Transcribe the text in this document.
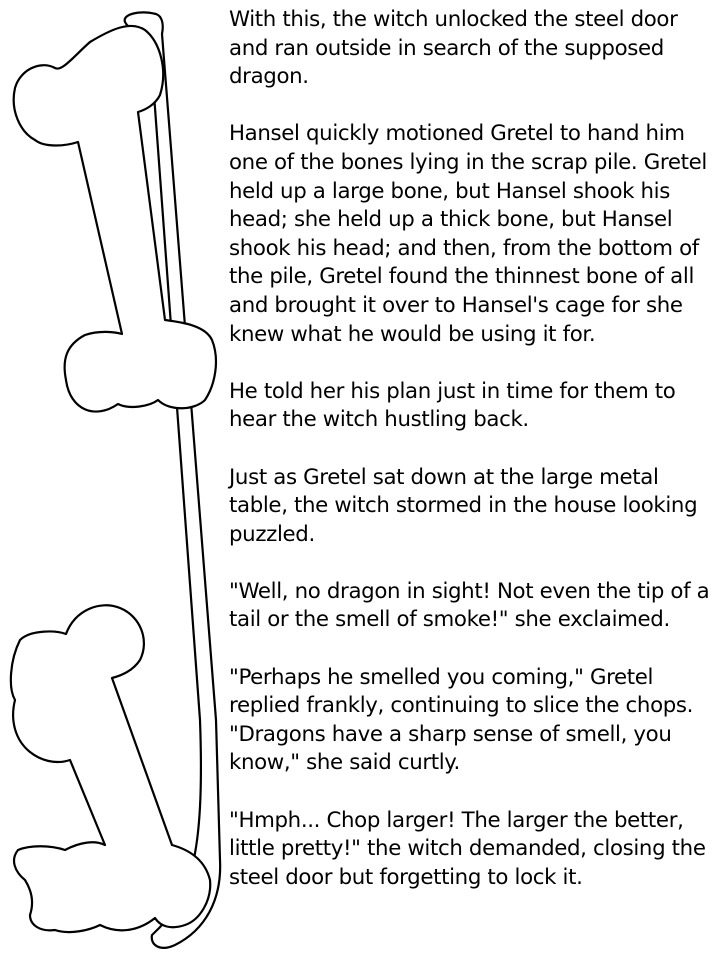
With this, the witch unlocked the steel door and ran outside in search of the supposed dragon.

Hansel quickly motioned Gretel to hand him one of the bones lying in the scrap pile. Gretel held up a large bone, but Hansel shook his head; she held up a thick bone, but Hansel shook his head; and then, from the bottom of the pile, Gretel found the thinnest bone of all and brought it over to Hansel's cage for she knew what he would be using it for.

He told her his plan just in time for them to hear the witch hustling back.

Just as Gretel sat down at the large metal table, the witch stormed in the house looking puzzled.

"Well, no dragon in sight! Not even the tip of a tail or the smell of smoke!" she exclaimed.

"Perhaps he smelled you coming," Gretel replied frankly, continuing to slice the chops. "Dragons have a sharp sense of smell, you know," she said curtly.

"Hmph... Chop larger! The larger the better, little pretty!" the witch demanded, closing the steel door but forgetting to lock it.
